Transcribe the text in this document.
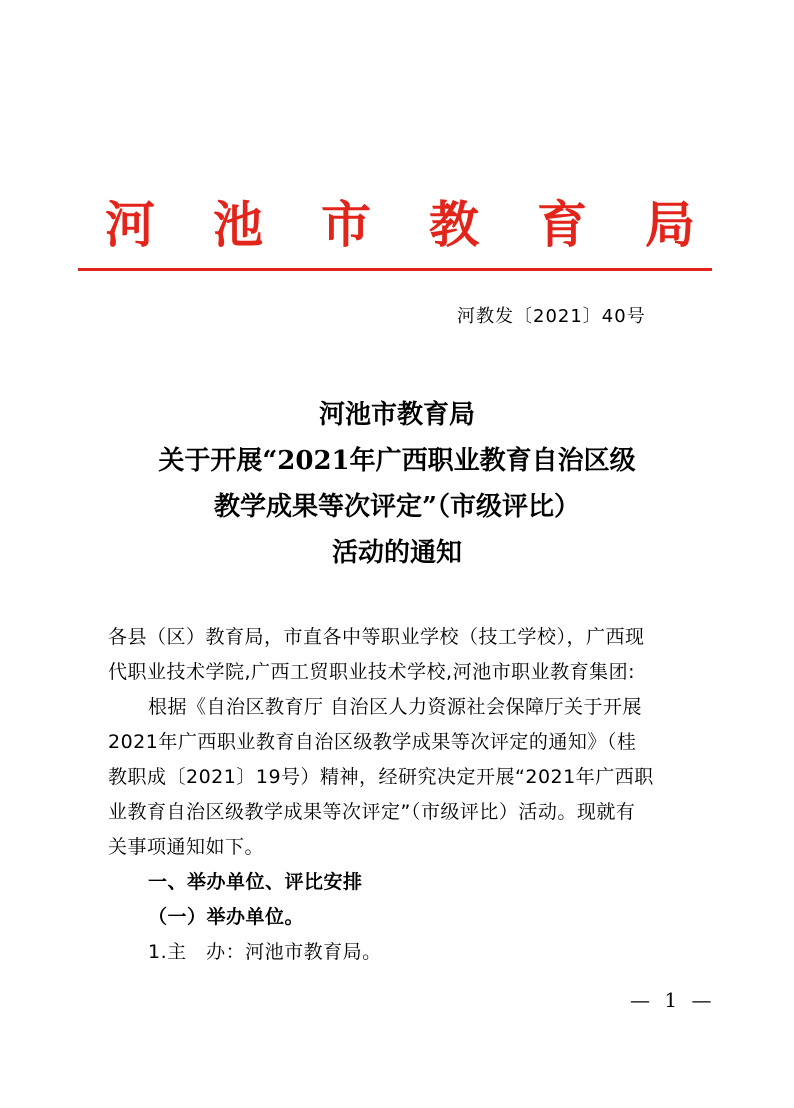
河	池	市	教	育	局
河教发〔2021〕40号
河池市教育局
关于开展“2021年广西职业教育自治区级
教学成果等次评定”（市级评比）
活动的通知
各县（区）教育局，市直各中等职业学校（技工学校），广西现
代职业技术学院,广西工贸职业技术学校,河池市职业教育集团:
根据《自治区教育厅 自治区人力资源社会保障厅关于开展
2021年广西职业教育自治区级教学成果等次评定的通知》（桂
教职成〔2021〕19号）精神，经研究决定开展“2021年广西职
业教育自治区级教学成果等次评定”（市级评比）活动。现就有
关事项通知如下。
一、举办单位、评比安排
（一）举办单位。
1.主　办：河池市教育局。
— 1 —
